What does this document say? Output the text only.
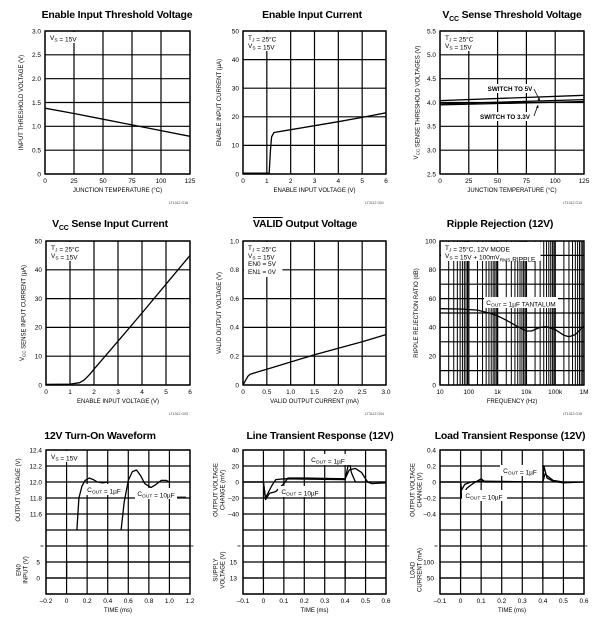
Enable Input Threshold Voltage	Enable Input Current	$V_{CC}$ Sense Threshold Voltage
$V_{CC}$ Sense Input Current	VALID Output Voltage	Ripple Rejection (12V)
12V Turn-On Waveform	Line Transient Response (12V)	Load Transient Response (12V)
0
0.5
1.0
1.5
2.0
2.5
3.0
0	25	50	75	100	125
JUNCTION TEMPERATURE (°C)
INPUT THRESHOLD VOLTAGE (V)
$V_S = 15V$
LT1312 G18
0
10
20
30
40
50
0	1	2	3	4	5	6
ENABLE INPUT VOLTAGE (V)
ENABLE INPUT CURRENT (µA)
$T_J = 25^\circ C$
$V_S = 15V$
LT3112 G01
2.5
3.0
3.5
4.0
4.5
5.0
5.5
0	25	50	75	100	125
JUNCTION TEMPERATURE (°C)
$V_{CC}$ SENSE THRESHOLD VOLTAGES (V)
$T_J = 25^\circ C$
$V_S = 15V$
LT1312 G13
0
10
20
30
40
50
0	1	2	3	4	5	6
ENABLE INPUT VOLTAGE (V)
$V_{CC}$ SENSE INPUT CURRENT (µA)
$T_J = 25^\circ C$
$V_S = 15V$
LT1312 G03
0
0.2
0.4
0.6
0.8
1.0
0	0.5 1.0 1.5 2.0 2.5 3.0
VALID OUTPUT CURRENT (mA)
VALID OUTPUT VOLTAGE (V)
$T_J = 25^\circ C$
$V_S = 15V$
EN0 = 5V
EN1 = 0V
LT3112 G04
0
20
40
60
80
100
10	100	1k	10k	100k	1M
FREQUENCY (Hz)
RIPPLE REJECTION RATIO (dB)
$T_J = 25^\circ C$, 12V MODE
$V_S = 15V + 100mV_{RMS}$ RIPPLE
LT1312 G15
≈	≈
11.6
11.8
12.0
12.2
12.4
0
5
–0.2 0 0.2 0.4 0.6 0.8 1.0 1.2
TIME (ms)
OUTPUT VOLTAGE (V)
EN0 INPUT (V)
$V_S = 15V$
≈	≈
–40
–20
0
20
40
13
15
–0.1 0 0.1 0.2 0.3 0.4 0.5 0.6
TIME (ms)
OUTPUT VOLTAGE CHANGE (mV)
SUPPLY VOLTAGE (V)
≈	≈
–0.4
–0.2
0
0.2
0.4
50
100
–0.1 0 0.1 0.2 0.3 0.4 0.5 0.6
TIME (ms)
OUTPUT VOLTAGE CHANGE (V)
LOAD CURRENT (mA)
SWITCH TO 5V
SWITCH TO 3.3V
$C_{OUT} = 1\mu F$ TANTALUM
$C_{OUT} = 1\mu F$	$C_{OUT} = 10\mu F$
$C_{OUT} = 1\mu F$
$C_{OUT} = 10\mu F$
$C_{OUT} = 1\mu F$
$C_{OUT} = 10\mu F$
